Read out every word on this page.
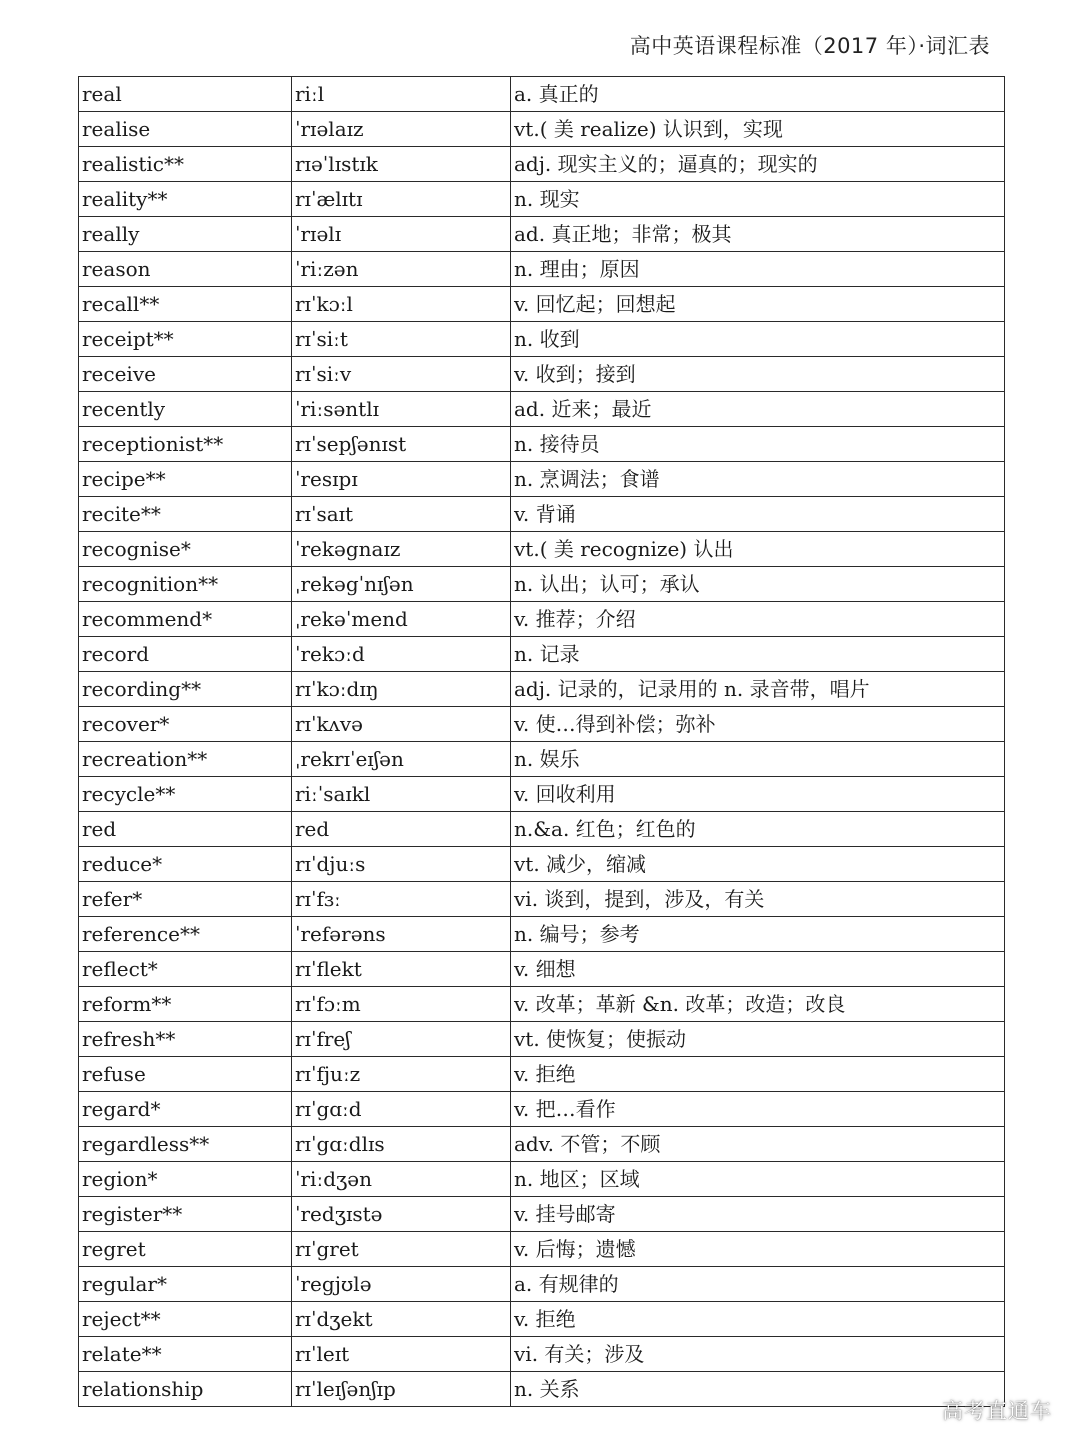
高中英语课程标准（2017 年）·词汇表
real	riːl	a. 真正的
realise	ˈrɪəlaɪz	vt.( 美 realize) 认识到，实现
realistic**	rɪəˈlɪstɪk	adj. 现实主义的；逼真的；现实的
reality**	rɪˈælɪtɪ	n. 现实
really	ˈrɪəlɪ	ad. 真正地；非常；极其
reason	ˈriːzən	n. 理由；原因
recall**	rɪˈkɔːl	v. 回忆起；回想起
receipt**	rɪˈsiːt	n. 收到
receive	rɪˈsiːv	v. 收到；接到
recently	ˈriːsəntlɪ	ad. 近来；最近
receptionist**	rɪˈsepʃənɪst	n. 接待员
recipe**	ˈresɪpɪ	n. 烹调法；食谱
recite**	rɪˈsaɪt	v. 背诵
recognise*	ˈrekəgnaɪz	vt.( 美 recognize) 认出
recognition**	ˌrekəgˈnɪʃən	n. 认出；认可；承认
recommend*	ˌrekəˈmend	v. 推荐；介绍
record	ˈrekɔːd	n. 记录
recording**	rɪˈkɔːdɪŋ	adj. 记录的，记录用的 n. 录音带，唱片
recover*	rɪˈkʌvə	v. 使…得到补偿；弥补
recreation**	ˌrekrɪˈeɪʃən	n. 娱乐
recycle**	riːˈsaɪkl	v. 回收利用
red	red	n.&a. 红色；红色的
reduce*	rɪˈdjuːs	vt. 减少，缩减
refer*	rɪˈfɜː	vi. 谈到，提到，涉及，有关
reference**	ˈrefərəns	n. 编号；参考
reflect*	rɪˈflekt	v. 细想
reform**	rɪˈfɔːm	v. 改革；革新 &n. 改革；改造；改良
refresh**	rɪˈfreʃ	vt. 使恢复；使振动
refuse	rɪˈfjuːz	v. 拒绝
regard*	rɪˈgɑːd	v. 把…看作
regardless**	rɪˈgɑːdlɪs	adv. 不管；不顾
region*	ˈriːdʒən	n. 地区；区域
register**	ˈredʒɪstə	v. 挂号邮寄
regret	rɪˈgret	v. 后悔；遗憾
regular*	ˈregjʊlə	a. 有规律的
reject**	rɪˈdʒekt	v. 拒绝
relate**	rɪˈleɪt	vi. 有关；涉及
relationship	rɪˈleɪʃənʃɪp	n. 关系
高考直通车
